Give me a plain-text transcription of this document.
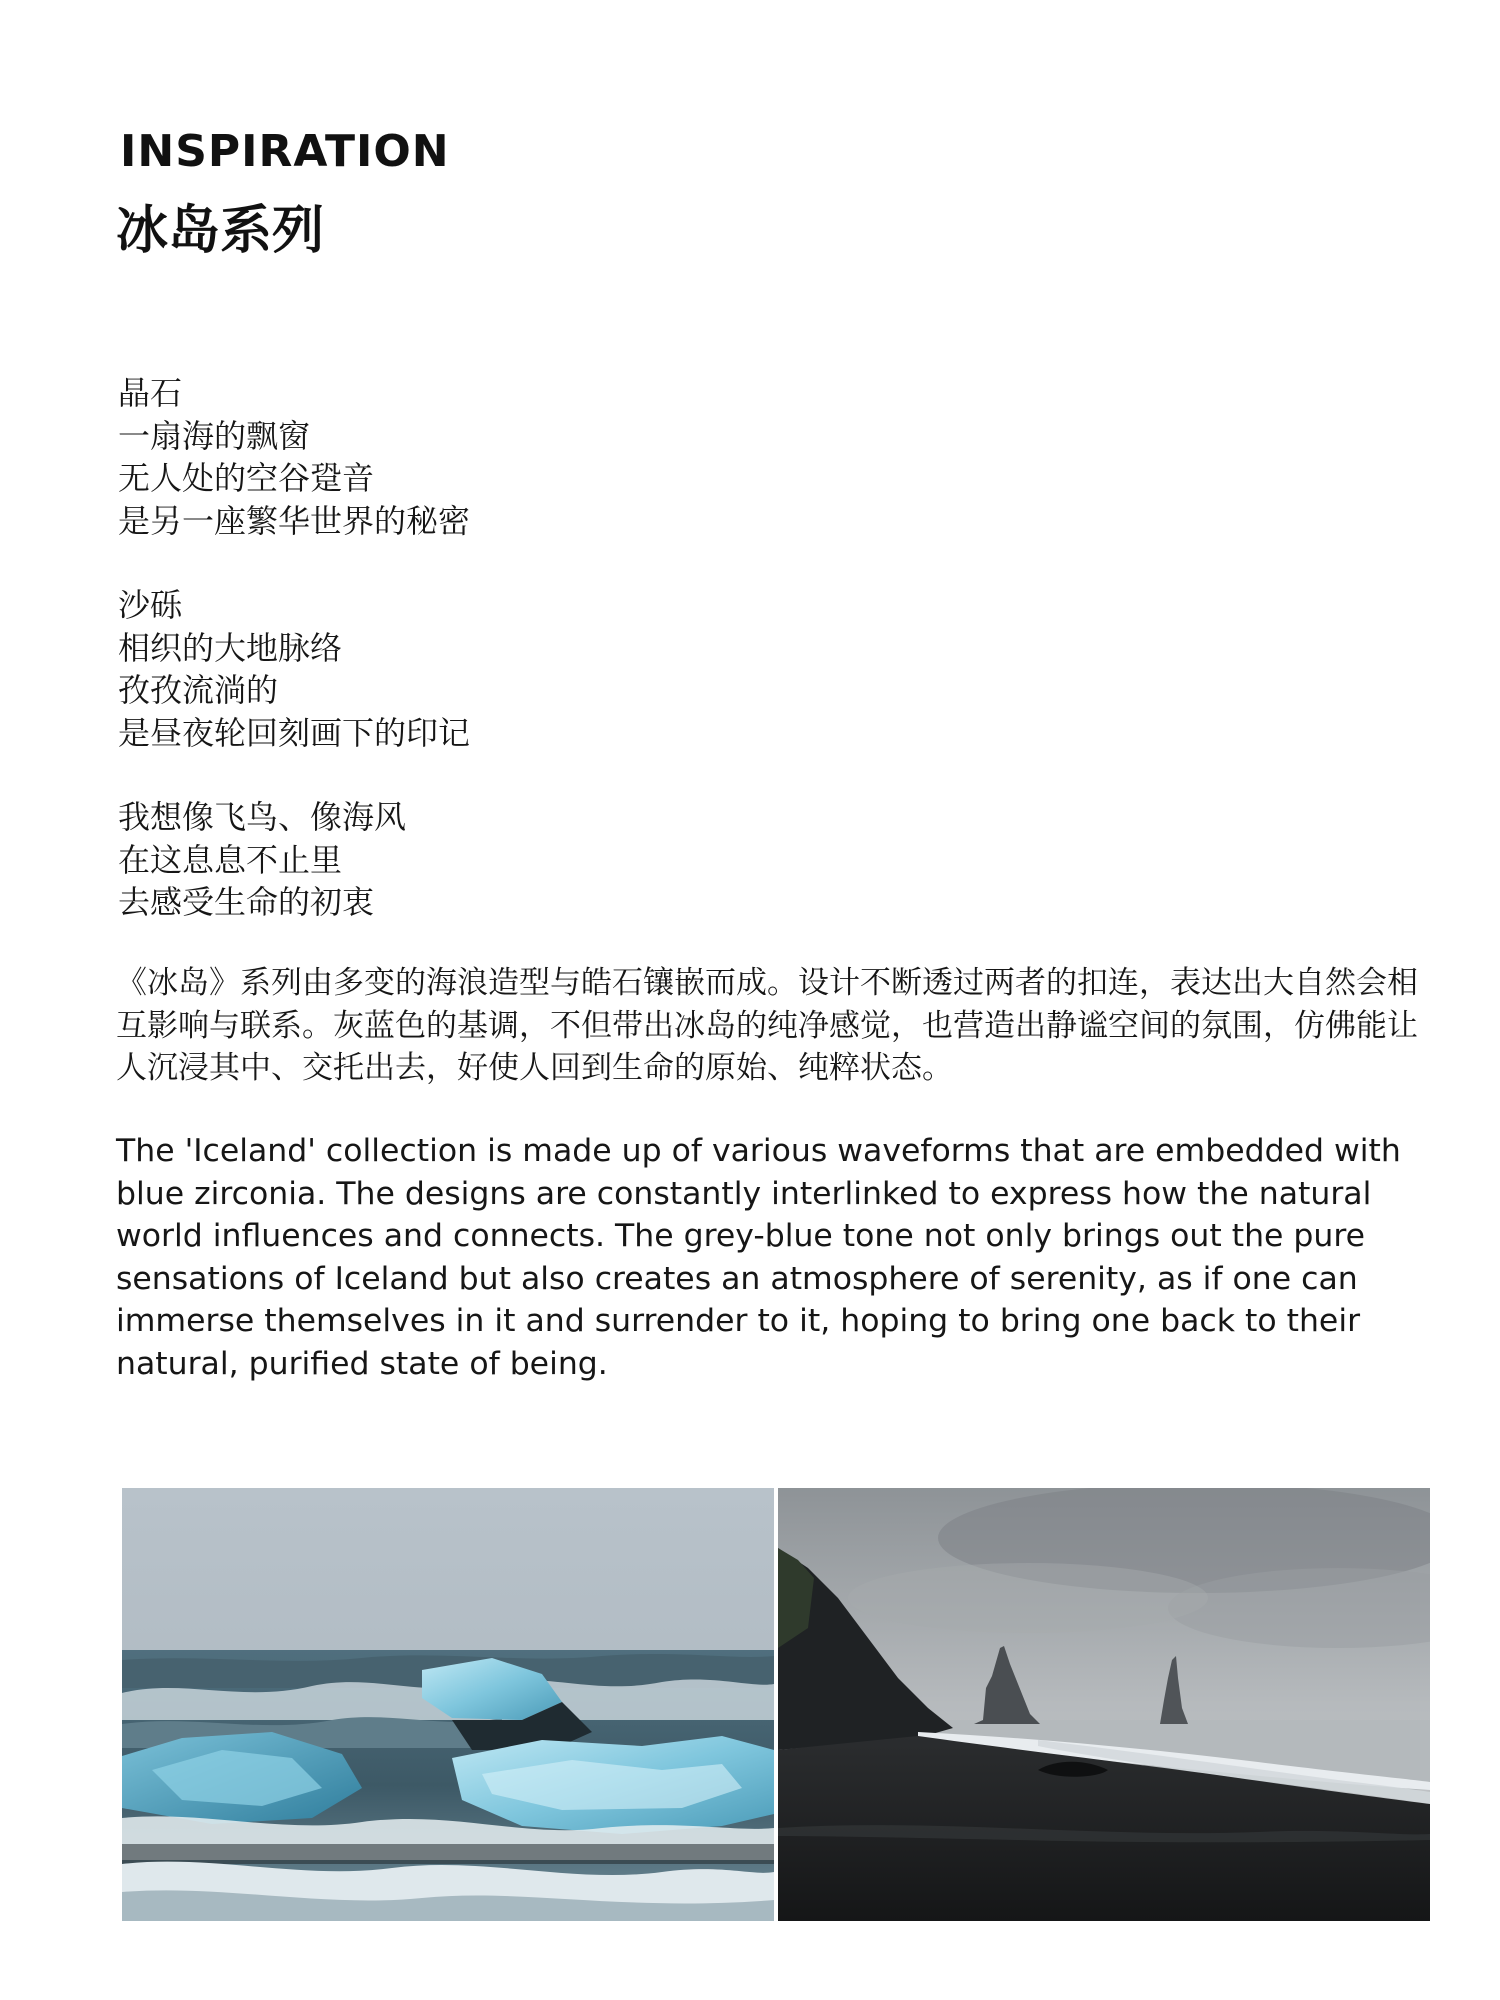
INSPIRATION
冰岛系列

晶石
一扇海的飘窗
无人处的空谷跫音
是另一座繁华世界的秘密

沙砾
相织的大地脉络
孜孜流淌的
是昼夜轮回刻画下的印记

我想像飞鸟、像海风
在这息息不止里
去感受生命的初衷

《冰岛》系列由多变的海浪造型与皓石镶嵌而成。设计不断透过两者的扣连，表达出大自然会相互影响与联系。灰蓝色的基调，不但带出冰岛的纯净感觉，也营造出静谧空间的氛围，仿佛能让人沉浸其中、交托出去，好使人回到生命的原始、纯粹状态。

The 'Iceland' collection is made up of various waveforms that are embedded with blue zirconia. The designs are constantly interlinked to express how the natural world influences and connects. The grey-blue tone not only brings out the pure sensations of Iceland but also creates an atmosphere of serenity, as if one can immerse themselves in it and surrender to it, hoping to bring one back to their natural, purified state of being.
